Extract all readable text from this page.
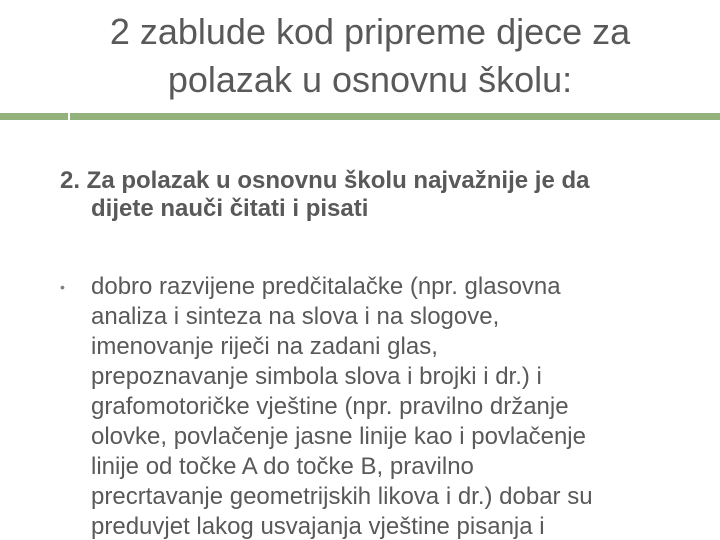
2 zablude kod pripreme djece za
polazak u osnovnu školu:

2. Za polazak u osnovnu školu najvažnije je da
dijete nauči čitati i pisati

• dobro razvijene predčitalačke (npr. glasovna
analiza i sinteza na slova i na slogove,
imenovanje riječi na zadani glas,
prepoznavanje simbola slova i brojki i dr.) i
grafomotoričke vještine (npr. pravilno držanje
olovke, povlačenje jasne linije kao i povlačenje
linije od točke A do točke B, pravilno
precrtavanje geometrijskih likova i dr.) dobar su
preduvjet lakog usvajanja vještine pisanja i
